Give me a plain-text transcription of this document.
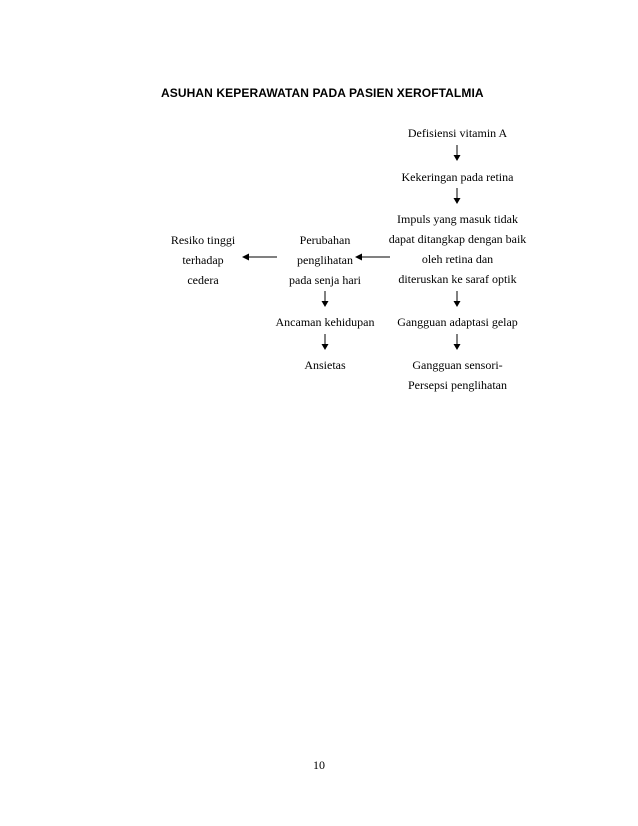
ASUHAN KEPERAWATAN PADA PASIEN XEROFTALMIA
Defisiensi vitamin A
Kekeringan pada retina
Impuls yang masuk tidak
dapat ditangkap dengan baik
oleh retina dan
diteruskan ke saraf optik
Gangguan adaptasi gelap
Gangguan sensori-
Persepsi penglihatan
Perubahan
penglihatan
pada senja hari
Ancaman kehidupan
Ansietas
Resiko tinggi
terhadap
cedera
10
